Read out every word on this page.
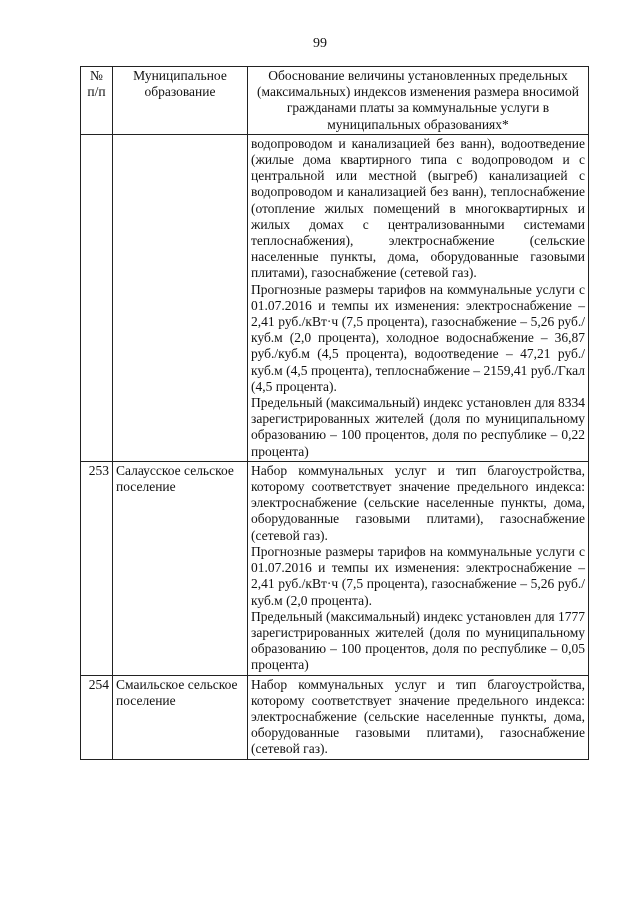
99
№ п/п	Муниципальное образование	Обоснование величины установленных предельных (максимальных) индексов изменения размера вносимой гражданами платы за коммунальные услуги в муниципальных образованиях*

		водопроводом и канализацией без ванн), водоотведение (жилые дома квартирного типа с водопроводом и с центральной или местной (выгреб) канализацией с водопроводом и канализацией без ванн), теплоснабжение (отопление жилых помещений в многоквартирных и жилых домах с централизованными системами теплоснабжения), электроснабжение (сельские населенные пункты, дома, оборудованные газовыми плитами), газоснабжение (сетевой газ).

Прогнозные размеры тарифов на коммунальные услуги с 01.07.2016 и темпы их изменения: электроснабжение – 2,41 руб./кВт·ч (7,5 процента), газоснабжение – 5,26 руб./куб.м (2,0 процента), холодное водоснабжение – 36,87 руб./куб.м (4,5 процента), водоотведение – 47,21 руб./куб.м (4,5 процента), теплоснабжение – 2159,41 руб./Гкал (4,5 процента).

Предельный (максимальный) индекс установлен для 8334 зарегистрированных жителей (доля по муниципальному образованию – 100 процентов, доля по республике – 0,22 процента)

253	Салаусское сельское поселение	Набор коммунальных услуг и тип благоустройства, которому соответствует значение предельного индекса: электроснабжение (сельские населенные пункты, дома, оборудованные газовыми плитами), газоснабжение (сетевой газ).

Прогнозные размеры тарифов на коммунальные услуги с 01.07.2016 и темпы их изменения: электроснабжение – 2,41 руб./кВт·ч (7,5 процента), газоснабжение – 5,26 руб./куб.м (2,0 процента).

Предельный (максимальный) индекс установлен для 1777 зарегистрированных жителей (доля по муниципальному образованию – 100 процентов, доля по республике – 0,05 процента)

254	Смаильское сельское поселение	Набор коммунальных услуг и тип благоустройства, которому соответствует значение предельного индекса: электроснабжение (сельские населенные пункты, дома, оборудованные газовыми плитами), газоснабжение (сетевой газ).
